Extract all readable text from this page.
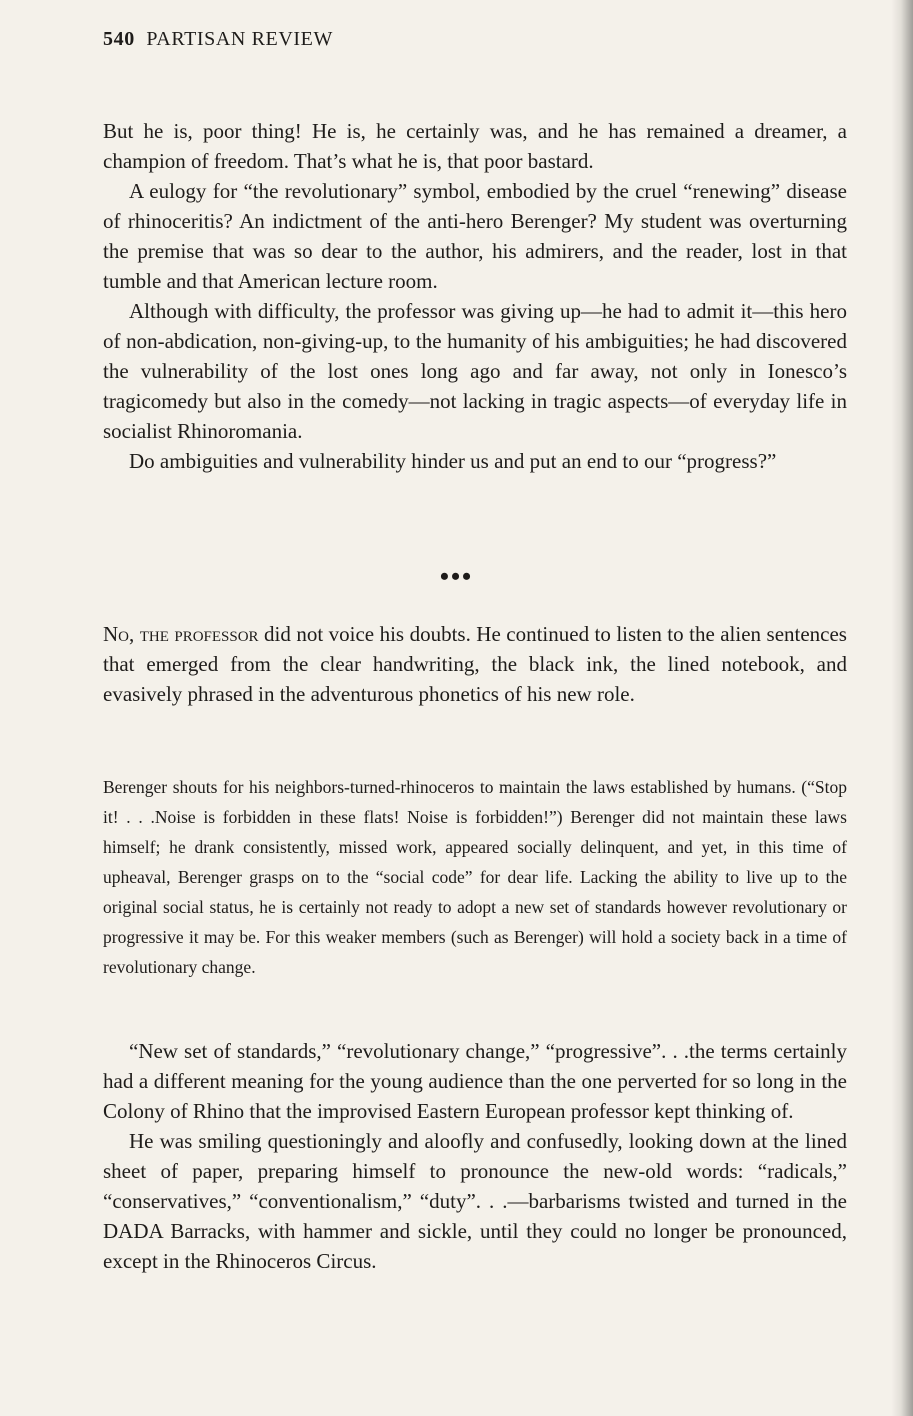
540 PARTISAN REVIEW

But he is, poor thing! He is, he certainly was, and he has remained a dreamer, a champion of freedom. That’s what he is, that poor bastard.

A eulogy for “the revolutionary” symbol, embodied by the cruel “renewing” disease of rhinoceritis? An indictment of the anti-hero Berenger? My student was overturning the premise that was so dear to the author, his admirers, and the reader, lost in that tumble and that American lecture room.

Although with difficulty, the professor was giving up—he had to admit it—this hero of non-abdication, non-giving-up, to the humanity of his ambiguities; he had discovered the vulnerability of the lost ones long ago and far away, not only in Ionesco’s tragicomedy but also in the comedy—not lacking in tragic aspects—of everyday life in socialist Rhinoromania.

Do ambiguities and vulnerability hinder us and put an end to our “progress?”

•••

No, the professor did not voice his doubts. He continued to listen to the alien sentences that emerged from the clear handwriting, the black ink, the lined notebook, and evasively phrased in the adventurous phonetics of his new role.

Berenger shouts for his neighbors-turned-rhinoceros to maintain the laws established by humans. (“Stop it! . . .Noise is forbidden in these flats! Noise is forbidden!”) Berenger did not maintain these laws himself; he drank consistently, missed work, appeared socially delinquent, and yet, in this time of upheaval, Berenger grasps on to the “social code” for dear life. Lacking the ability to live up to the original social status, he is certainly not ready to adopt a new set of standards however revolutionary or progressive it may be. For this weaker members (such as Berenger) will hold a society back in a time of revolutionary change.

“New set of standards,” “revolutionary change,” “progressive”. . .the terms certainly had a different meaning for the young audience than the one perverted for so long in the Colony of Rhino that the improvised Eastern European professor kept thinking of.

He was smiling questioningly and aloofly and confusedly, looking down at the lined sheet of paper, preparing himself to pronounce the new-old words: “radicals,” “conservatives,” “conventionalism,” “duty”. . .—barbarisms twisted and turned in the DADA Barracks, with hammer and sickle, until they could no longer be pronounced, except in the Rhinoceros Circus.
